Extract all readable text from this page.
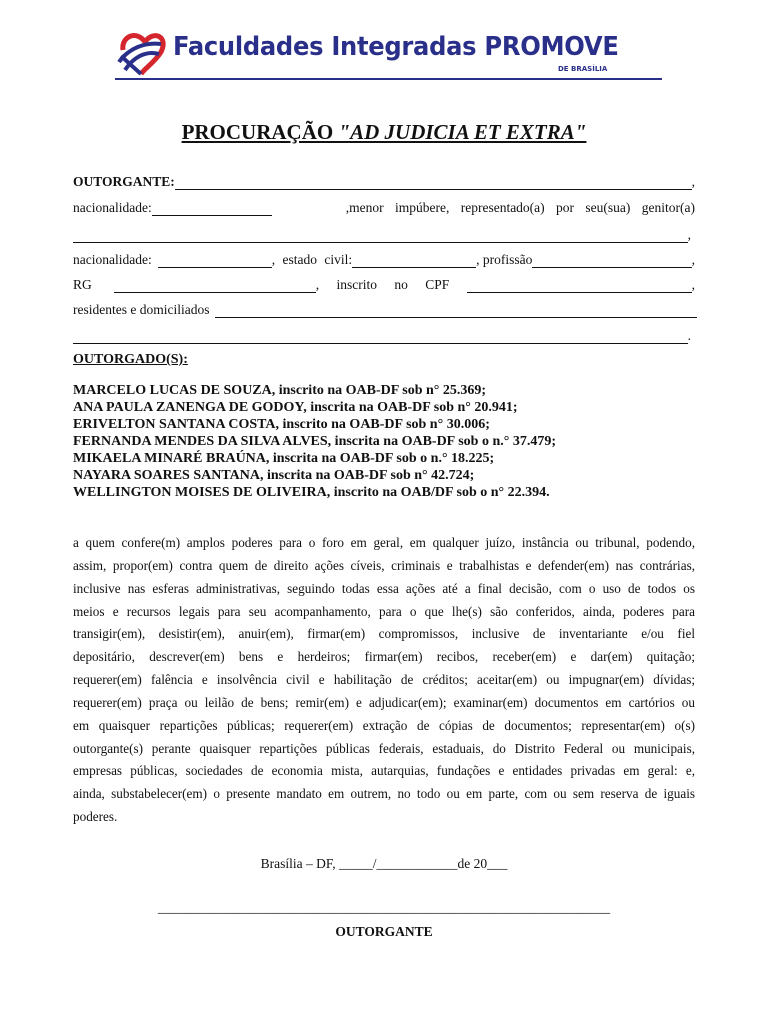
Faculdades Integradas PROMOVE
DE BRASÍLIA
PROCURAÇÃO "AD JUDICIA ET EXTRA"
OUTORGANTE:	,
nacionalidade:	,menor impúbere, representado(a) por seu(sua) genitor(a)
,
nacionalidade:	, estado civil:	, profissão	,
RG	, inscrito no CPF	,
residentes e domiciliados
.
OUTORGADO(S):
MARCELO LUCAS DE SOUZA, inscrito na OAB-DF sob n° 25.369;
ANA PAULA ZANENGA DE GODOY, inscrita na OAB-DF sob n° 20.941;
ERIVELTON SANTANA COSTA, inscrito na OAB-DF sob n° 30.006;
FERNANDA MENDES DA SILVA ALVES, inscrita na OAB-DF sob o n.° 37.479;
MIKAELA MINARÉ BRAÚNA, inscrita na OAB-DF sob o n.° 18.225;
NAYARA SOARES SANTANA, inscrita na OAB-DF sob n° 42.724;
WELLINGTON MOISES DE OLIVEIRA, inscrito na OAB/DF sob o n° 22.394.
a quem confere(m) amplos poderes para o foro em geral, em qualquer juízo, instância ou tribunal, podendo,
assim, propor(em) contra quem de direito ações cíveis, criminais e trabalhistas e defender(em) nas contrárias,
inclusive nas esferas administrativas, seguindo todas essa ações até a final decisão, com o uso de todos os
meios e recursos legais para seu acompanhamento, para o que lhe(s) são conferidos, ainda, poderes para
transigir(em), desistir(em), anuir(em), firmar(em) compromissos, inclusive de inventariante e/ou fiel
depositário, descrever(em) bens e herdeiros; firmar(em) recibos, receber(em) e dar(em) quitação;
requerer(em) falência e insolvência civil e habilitação de créditos; aceitar(em) ou impugnar(em) dívidas;
requerer(em) praça ou leilão de bens; remir(em) e adjudicar(em); examinar(em) documentos em cartórios ou
em quaisquer repartições públicas; requerer(em) extração de cópias de documentos; representar(em) o(s)
outorgante(s) perante quaisquer repartições públicas federais, estaduais, do Distrito Federal ou municipais,
empresas públicas, sociedades de economia mista, autarquias, fundações e entidades privadas em geral: e,
ainda, substabelecer(em) o presente mandato em outrem, no todo ou em parte, com ou sem reserva de iguais
poderes.
Brasília – DF, _____/____________de 20___
___________________________________________________________________
OUTORGANTE
